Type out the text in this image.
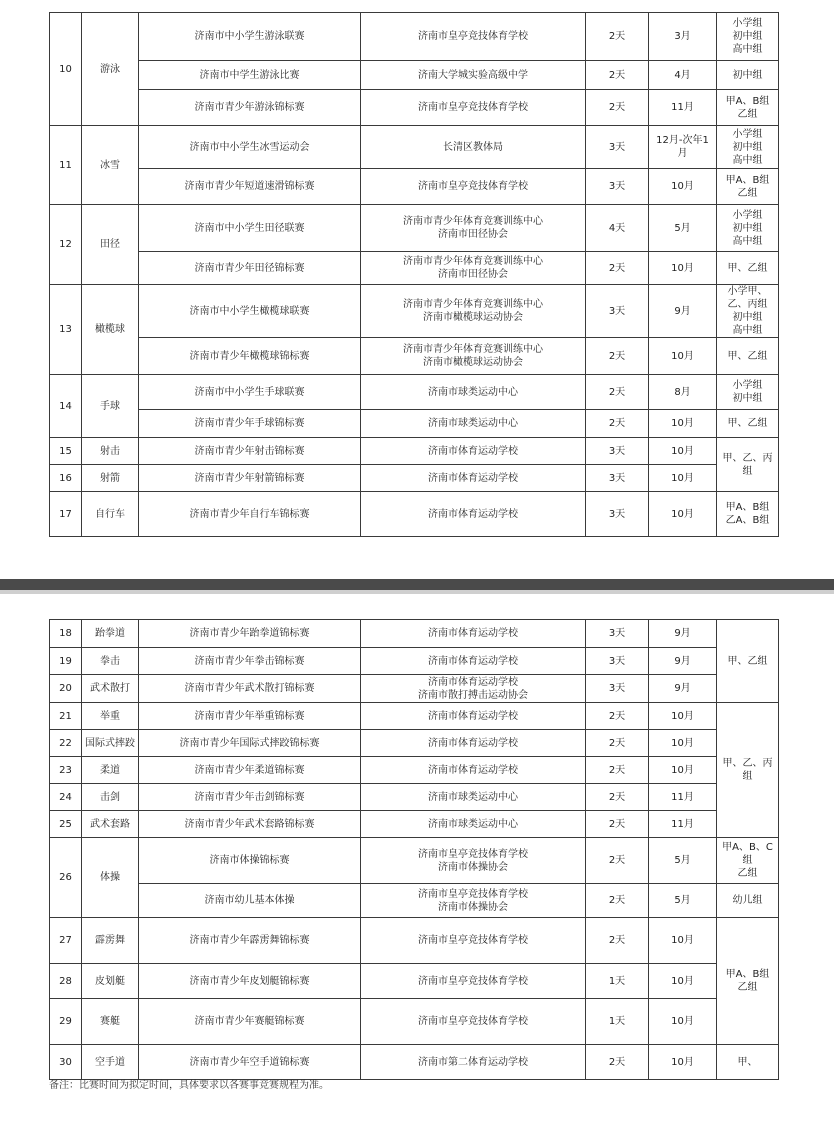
10	游泳	济南市中小学生游泳联赛	济南市皇亭竞技体育学校	2天	3月	小学组
初中组
高中组
		济南市中学生游泳比赛	济南大学城实验高级中学	2天	4月	初中组
		济南市青少年游泳锦标赛	济南市皇亭竞技体育学校	2天	11月	甲A、B组
乙组
11	冰雪	济南市中小学生冰雪运动会	长清区教体局	3天	12月-次年1
月	小学组
初中组
高中组
		济南市青少年短道速滑锦标赛	济南市皇亭竞技体育学校	3天	10月	甲A、B组
乙组
12	田径	济南市中小学生田径联赛	济南市青少年体育竞赛训练中心
济南市田径协会	4天	5月	小学组
初中组
高中组
		济南市青少年田径锦标赛	济南市青少年体育竞赛训练中心
济南市田径协会	2天	10月	甲、乙组
13	橄榄球	济南市中小学生橄榄球联赛	济南市青少年体育竞赛训练中心
济南市橄榄球运动协会	3天	9月	小学甲、乙、丙组
初中组
高中组
		济南市青少年橄榄球锦标赛	济南市青少年体育竞赛训练中心
济南市橄榄球运动协会	2天	10月	甲、乙组
14	手球	济南市中小学生手球联赛	济南市球类运动中心	2天	8月	小学组
初中组
		济南市青少年手球锦标赛	济南市球类运动中心	2天	10月	甲、乙组
15	射击	济南市青少年射击锦标赛	济南市体育运动学校	3天	10月	甲、乙、丙组
16	射箭	济南市青少年射箭锦标赛	济南市体育运动学校	3天	10月	
17	自行车	济南市青少年自行车锦标赛	济南市体育运动学校	3天	10月	甲A、B组
乙A、B组
18	跆拳道	济南市青少年跆拳道锦标赛	济南市体育运动学校	3天	9月	甲、乙组
19	拳击	济南市青少年拳击锦标赛	济南市体育运动学校	3天	9月	
20	武术散打	济南市青少年武术散打锦标赛	济南市体育运动学校
济南市散打搏击运动协会	3天	9月	
21	举重	济南市青少年举重锦标赛	济南市体育运动学校	2天	10月	甲、乙、丙组
22	国际式摔跤	济南市青少年国际式摔跤锦标赛	济南市体育运动学校	2天	10月	
23	柔道	济南市青少年柔道锦标赛	济南市体育运动学校	2天	10月	
24	击剑	济南市青少年击剑锦标赛	济南市球类运动中心	2天	11月	
25	武术套路	济南市青少年武术套路锦标赛	济南市球类运动中心	2天	11月	
26	体操	济南市体操锦标赛	济南市皇亭竞技体育学校
济南市体操协会	2天	5月	甲A、B、C组
乙组
		济南市幼儿基本体操	济南市皇亭竞技体育学校
济南市体操协会	2天	5月	幼儿组
27	霹雳舞	济南市青少年霹雳舞锦标赛	济南市皇亭竞技体育学校	2天	10月	甲A、B组
乙组
28	皮划艇	济南市青少年皮划艇锦标赛	济南市皇亭竞技体育学校	1天	10月	
29	赛艇	济南市青少年赛艇锦标赛	济南市皇亭竞技体育学校	1天	10月	
30	空手道	济南市青少年空手道锦标赛	济南市第二体育运动学校	2天	10月	甲、
备注：比赛时间为拟定时间，具体要求以各赛事竞赛规程为准。
